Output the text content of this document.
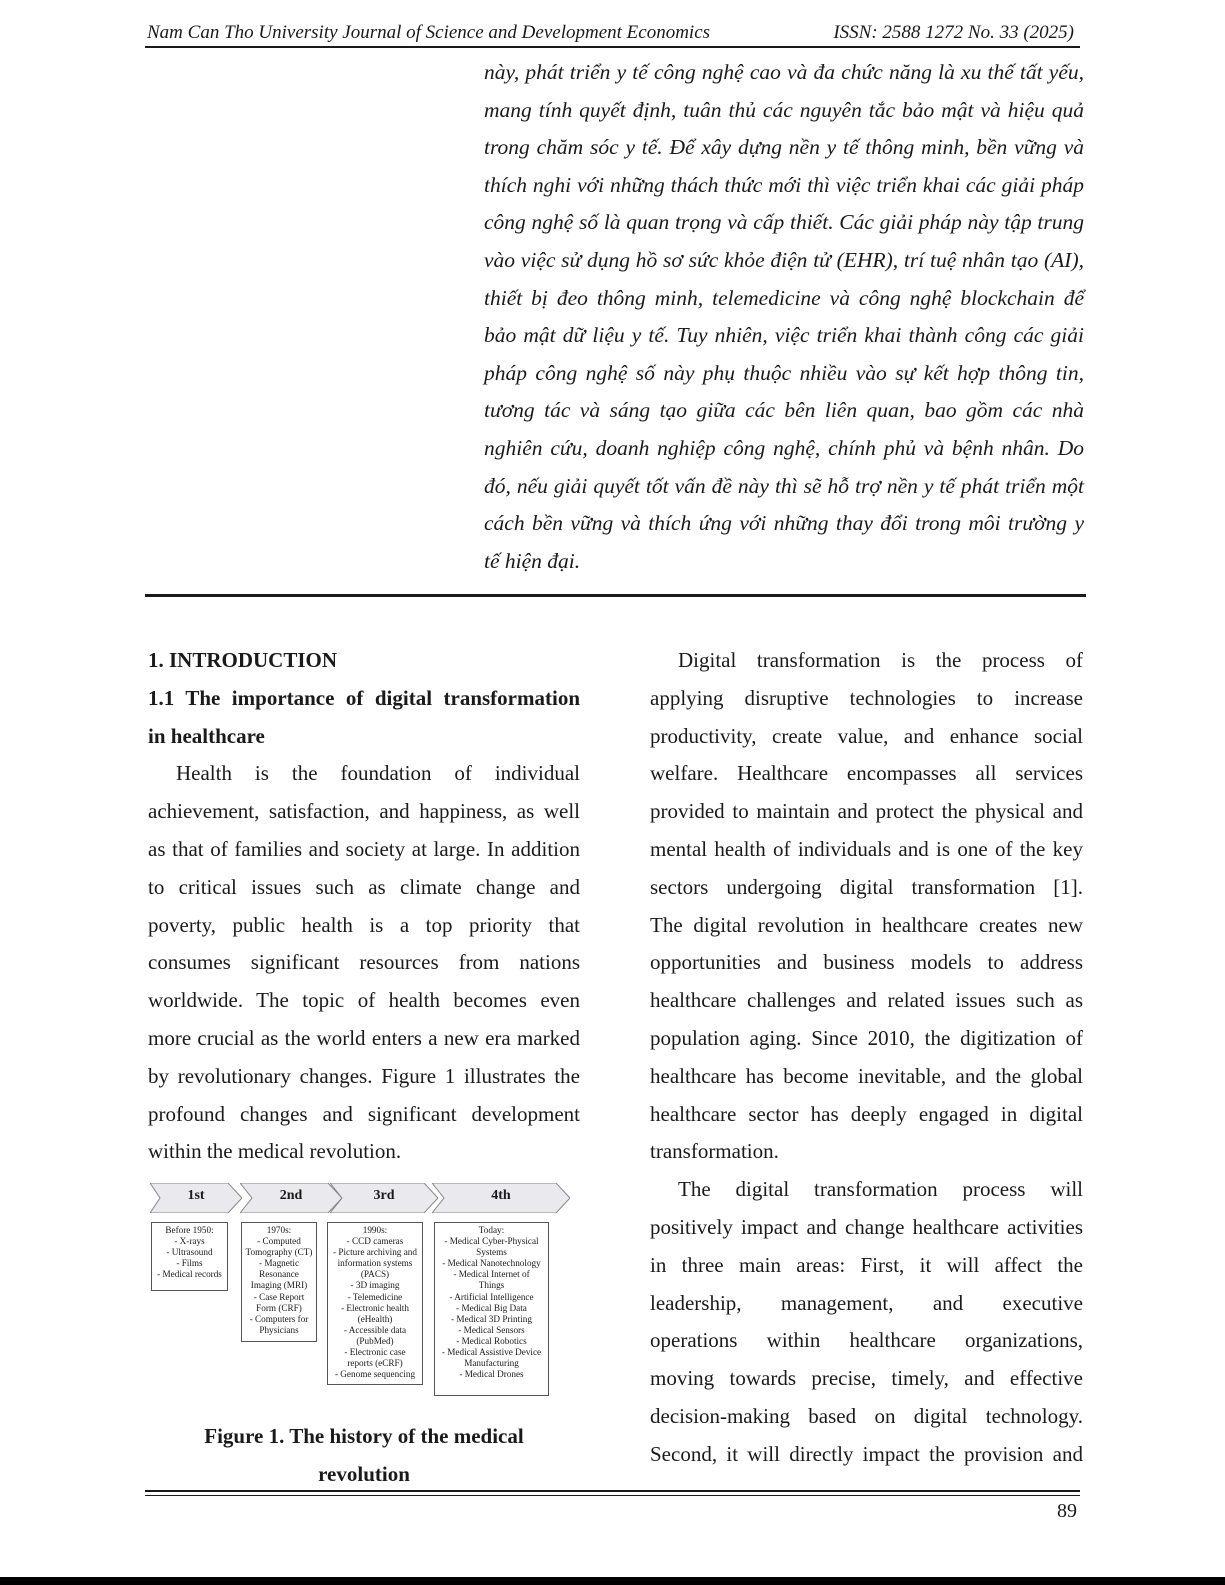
Nam Can Tho University Journal of Science and Development Economics	ISSN: 2588 1272 No. 33 (2025)
này, phát triển y tế công nghệ cao và đa chức năng là xu thế tất yếu,
mang tính quyết định, tuân thủ các nguyên tắc bảo mật và hiệu quả
trong chăm sóc y tế. Để xây dựng nền y tế thông minh, bền vững và
thích nghi với những thách thức mới thì việc triển khai các giải pháp
công nghệ số là quan trọng và cấp thiết. Các giải pháp này tập trung
vào việc sử dụng hồ sơ sức khỏe điện tử (EHR), trí tuệ nhân tạo (AI),
thiết bị đeo thông minh, telemedicine và công nghệ blockchain để
bảo mật dữ liệu y tế. Tuy nhiên, việc triển khai thành công các giải
pháp công nghệ số này phụ thuộc nhiều vào sự kết hợp thông tin,
tương tác và sáng tạo giữa các bên liên quan, bao gồm các nhà
nghiên cứu, doanh nghiệp công nghệ, chính phủ và bệnh nhân. Do
đó, nếu giải quyết tốt vấn đề này thì sẽ hỗ trợ nền y tế phát triển một
cách bền vững và thích ứng với những thay đổi trong môi trường y
tế hiện đại.

1. INTRODUCTION

1.1 The importance of digital transformation
in healthcare

Health is the foundation of individual
achievement, satisfaction, and happiness, as well
as that of families and society at large. In addition
to critical issues such as climate change and
poverty, public health is a top priority that
consumes significant resources from nations
worldwide. The topic of health becomes even
more crucial as the world enters a new era marked
by revolutionary changes. Figure 1 illustrates the
profound changes and significant development
within the medical revolution.

1st	2nd	3rd	4th
Before 1950:
- X-rays
- Ultrasound
- Films
- Medical records
1970s:
- Computed
Tomography (CT)
- Magnetic
Resonance
Imaging (MRI)
- Case Report
Form (CRF)
- Computers for
Physicians
1990s:
- CCD cameras
- Picture archiving and
information systems
(PACS)
- 3D imaging
- Telemedicine
- Electronic health
(eHealth)
- Accessible data
(PubMed)
- Electronic case
reports (eCRF)
- Genome sequencing
Today:
- Medical Cyber-Physical
Systems
- Medical Nanotechnology
- Medical Internet of
Things
- Artificial Intelligence
- Medical Big Data
- Medical 3D Printing
- Medical Sensors
- Medical Robotics
- Medical Assistive Device
Manufacturing
- Medical Drones
Figure 1. The history of the medical
revolution

Digital transformation is the process of
applying disruptive technologies to increase
productivity, create value, and enhance social
welfare. Healthcare encompasses all services
provided to maintain and protect the physical and
mental health of individuals and is one of the key
sectors undergoing digital transformation [1].
The digital revolution in healthcare creates new
opportunities and business models to address
healthcare challenges and related issues such as
population aging. Since 2010, the digitization of
healthcare has become inevitable, and the global
healthcare sector has deeply engaged in digital
transformation.

The digital transformation process will
positively impact and change healthcare activities
in three main areas: First, it will affect the
leadership, management, and executive
operations within healthcare organizations,
moving towards precise, timely, and effective
decision-making based on digital technology.
Second, it will directly impact the provision and

89
